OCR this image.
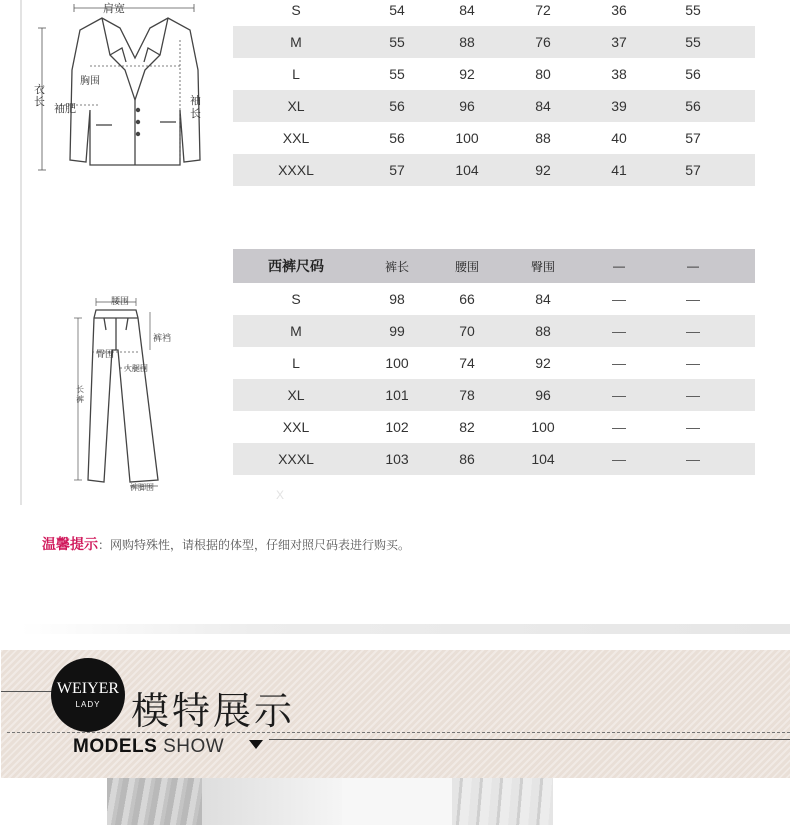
肩宽
胸围
衣长
袖肥
袖长
S	54	84	72	36	55
M	55	88	76	37	55
L	55	92	80	38	56
XL	56	96	84	39	56
XXL	56	100	88	40	57
XXXL	57	104	92	41	57
腰围
裤裆
臀围
大腿围
长裤
裤脚围
西裤尺码	裤长	腰围	臀围	—	—
S	98	66	84	—	—
M	99	70	88	—	—
L	100	74	92	—	—
XL	101	78	96	—	—
XXL	102	82	100	—	—
XXXL	103	86	104	—	—
X
温馨提示：网购特殊性，请根据的体型，仔细对照尺码表进行购买。
WEIYER
LADY 模特展示
MODELS SHOW
